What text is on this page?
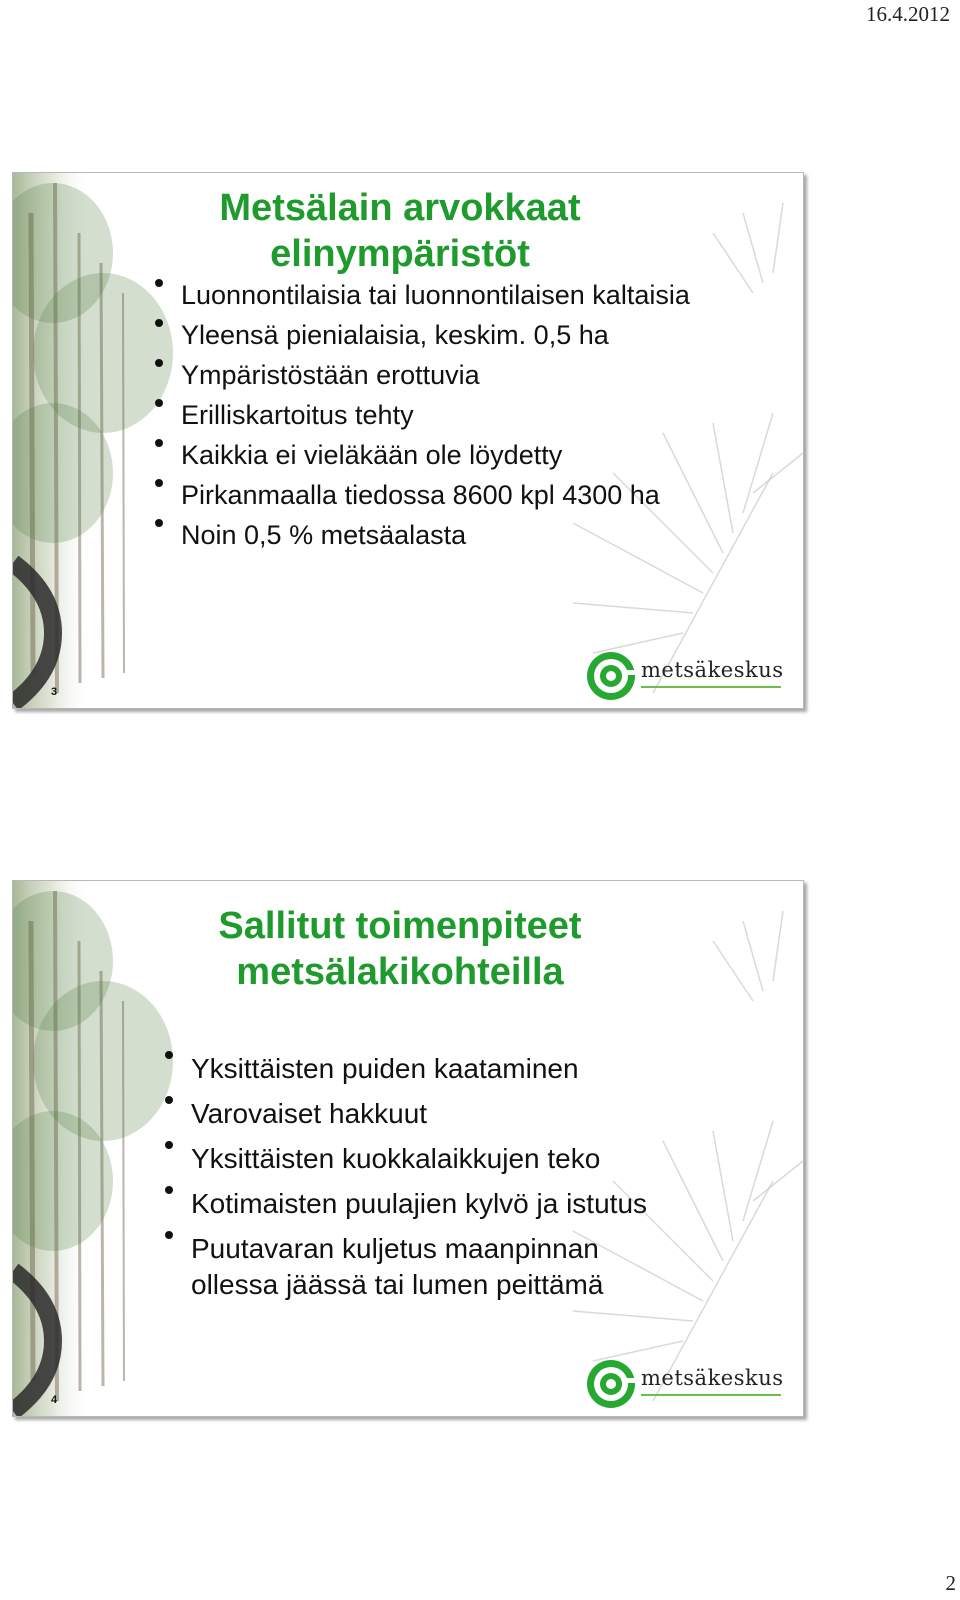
16.4.2012
Metsälain arvokkaat
elinympäristöt
Luonnontilaisia tai luonnontilaisen kaltaisia
Yleensä pienialaisia, keskim. 0,5 ha
Ympäristöstään erottuvia
Erilliskartoitus tehty
Kaikkia ei vieläkään ole löydetty
Pirkanmaalla tiedossa 8600 kpl 4300 ha
Noin 0,5 % metsäalasta
3
metsäkeskus
Sallitut toimenpiteet
metsälakikohteilla
Yksittäisten puiden kaataminen
Varovaiset hakkuut
Yksittäisten kuokkalaikkujen teko
Kotimaisten puulajien kylvö ja istutus
Puutavaran kuljetus maanpinnan ollessa jäässä tai lumen peittämä
4
metsäkeskus
2
